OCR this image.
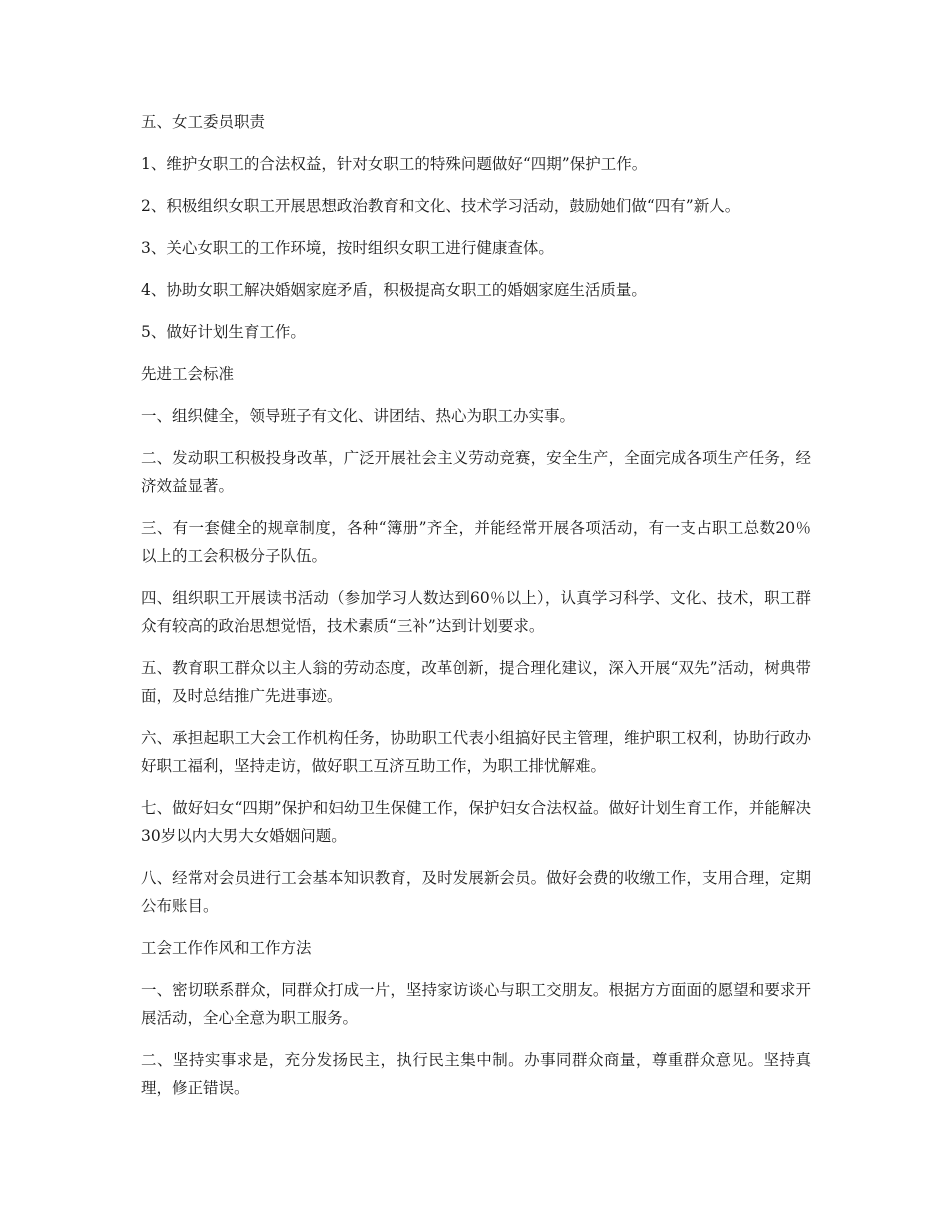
五、女工委员职责

1、维护女职工的合法权益，针对女职工的特殊问题做好“四期”保护工作。

2、积极组织女职工开展思想政治教育和文化、技术学习活动，鼓励她们做“四有”新人。

3、关心女职工的工作环境，按时组织女职工进行健康查体。

4、协助女职工解决婚姻家庭矛盾，积极提高女职工的婚姻家庭生活质量。

5、做好计划生育工作。

先进工会标准

一、组织健全，领导班子有文化、讲团结、热心为职工办实事。

二、发动职工积极投身改革，广泛开展社会主义劳动竞赛，安全生产，全面完成各项生产任务，经济效益显著。

三、有一套健全的规章制度，各种“簿册”齐全，并能经常开展各项活动，有一支占职工总数20％以上的工会积极分子队伍。

四、组织职工开展读书活动（参加学习人数达到60％以上），认真学习科学、文化、技术，职工群众有较高的政治思想觉悟，技术素质“三补”达到计划要求。

五、教育职工群众以主人翁的劳动态度，改革创新，提合理化建议，深入开展“双先”活动，树典带面，及时总结推广先进事迹。

六、承担起职工大会工作机构任务，协助职工代表小组搞好民主管理，维护职工权利，协助行政办好职工福利，坚持走访，做好职工互济互助工作，为职工排忧解难。

七、做好妇女“四期”保护和妇幼卫生保健工作，保护妇女合法权益。做好计划生育工作，并能解决30岁以内大男大女婚姻问题。

八、经常对会员进行工会基本知识教育，及时发展新会员。做好会费的收缴工作，支用合理，定期公布账目。

工会工作作风和工作方法

一、密切联系群众，同群众打成一片，坚持家访谈心与职工交朋友。根据方方面面的愿望和要求开展活动，全心全意为职工服务。

二、坚持实事求是，充分发扬民主，执行民主集中制。办事同群众商量，尊重群众意见。坚持真理，修正错误。
